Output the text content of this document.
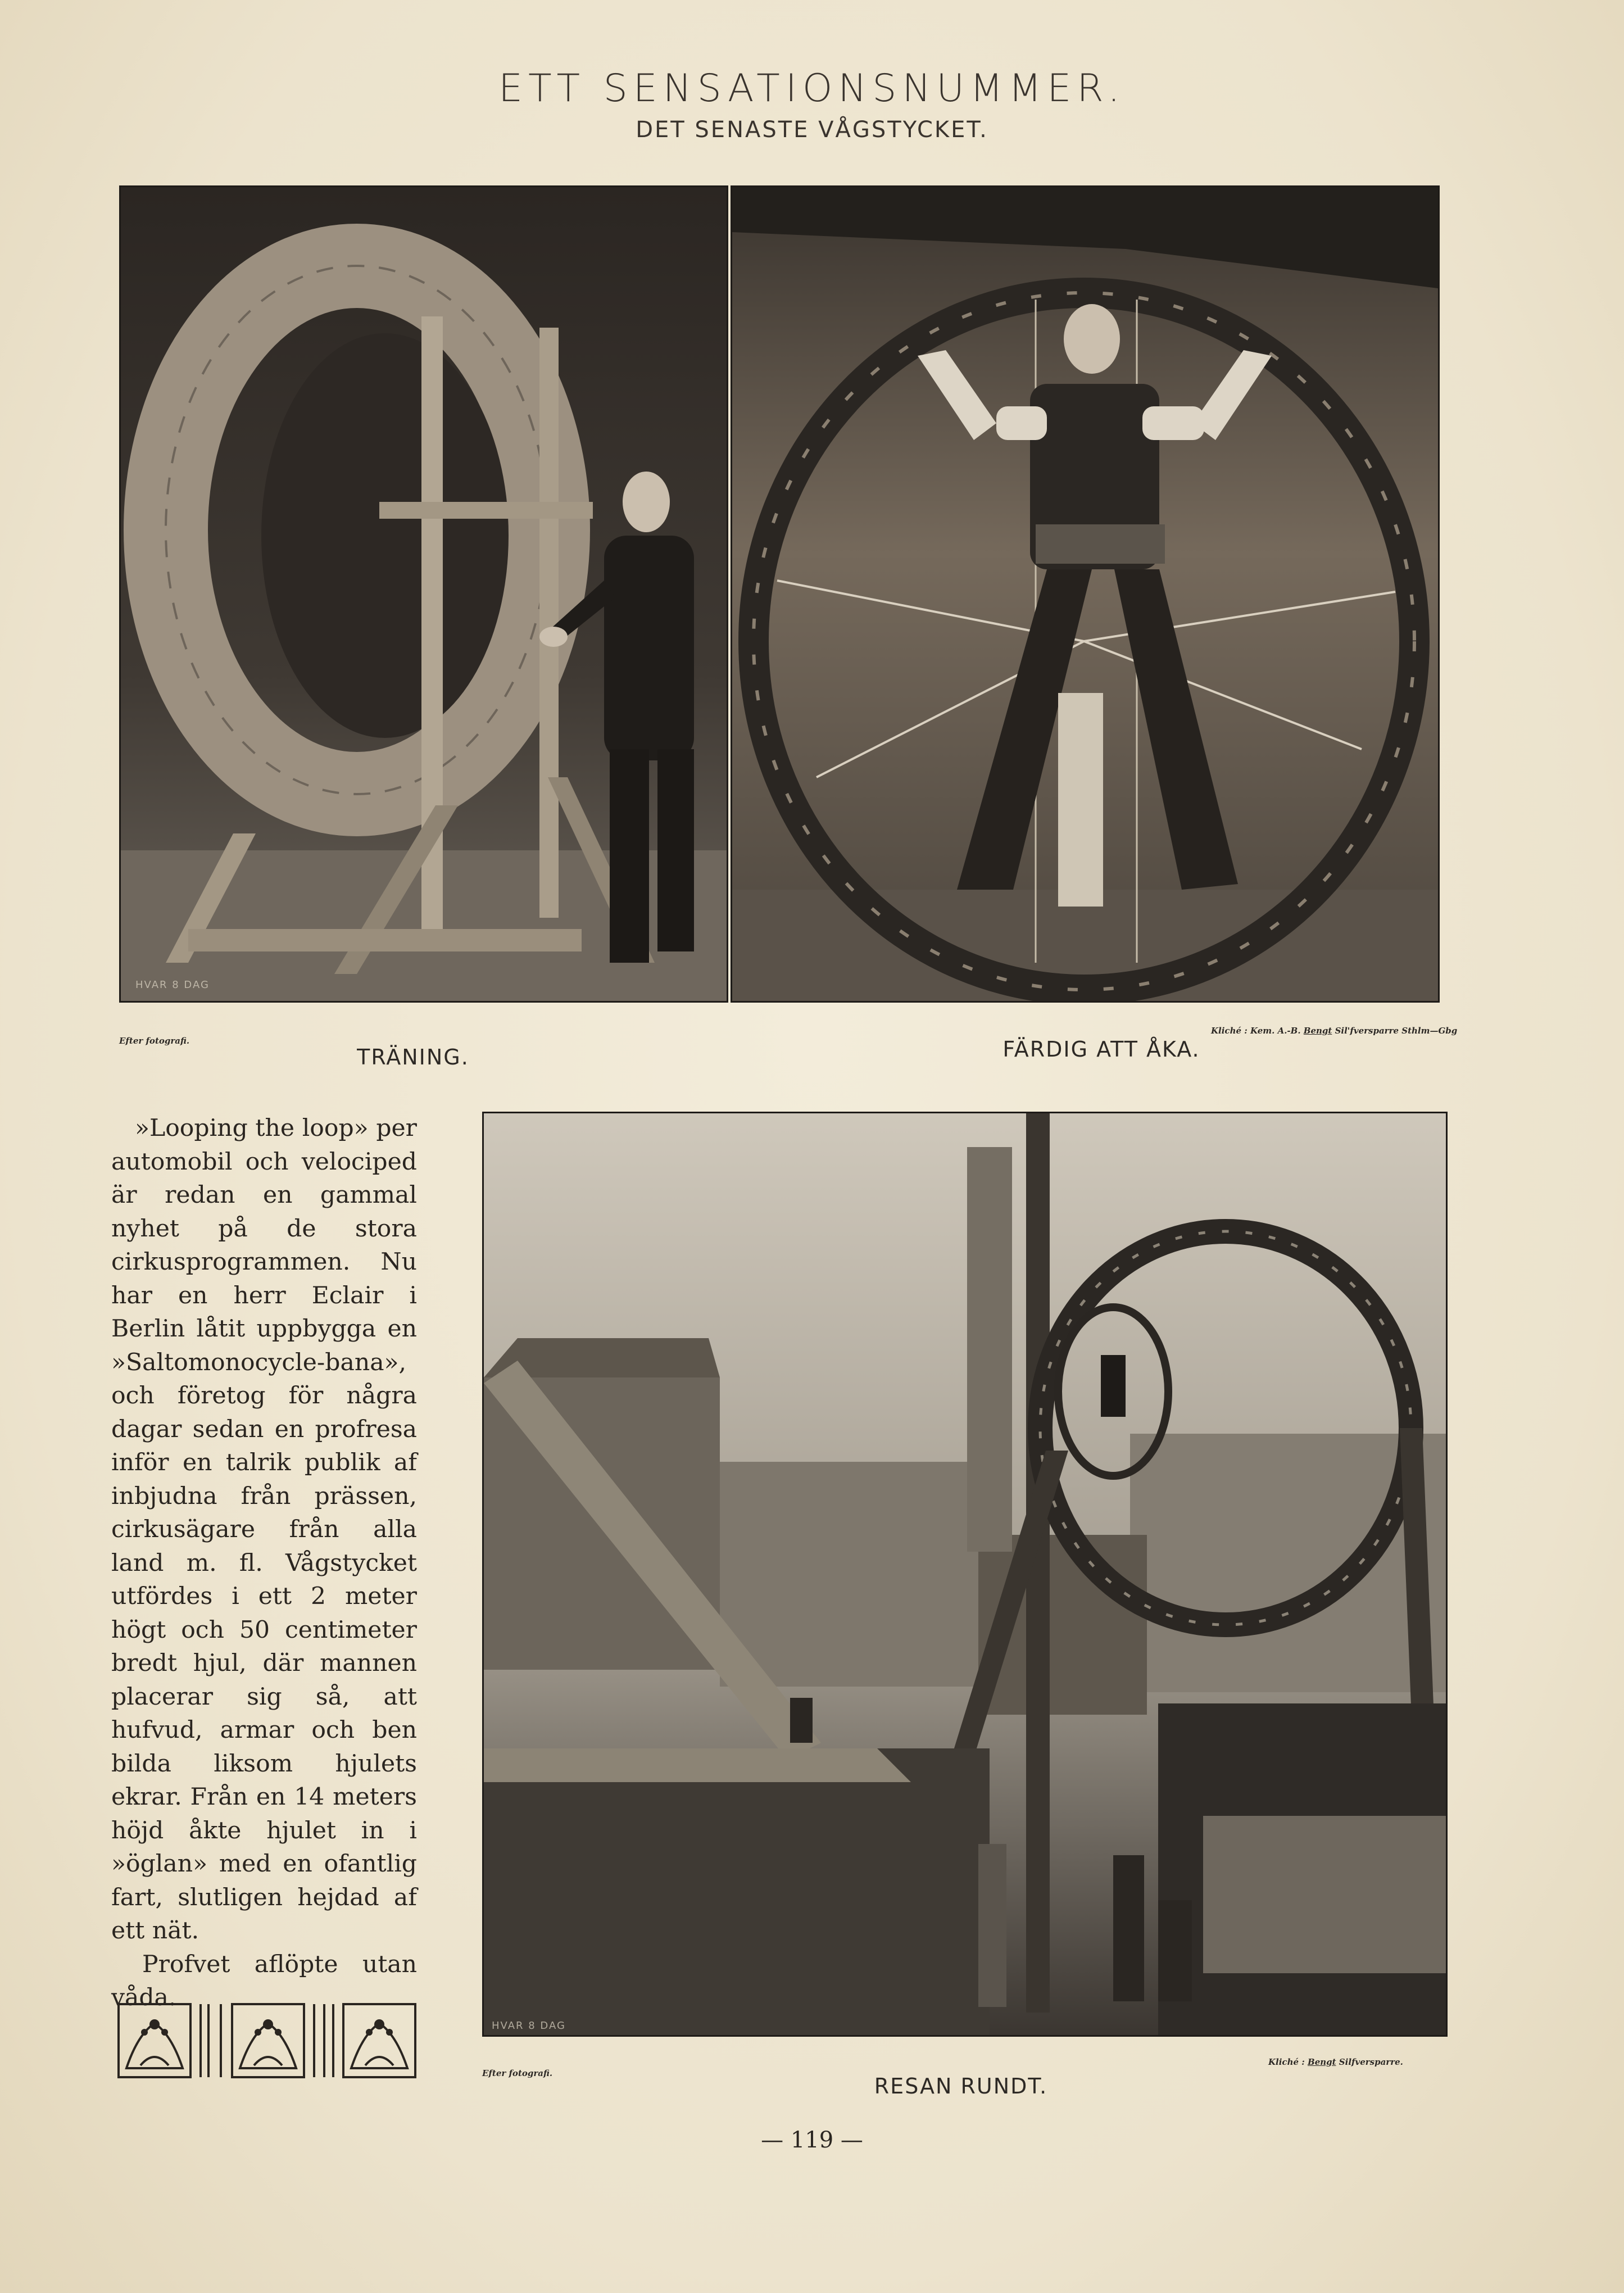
ETT SENSATIONSNUMMER.
DET SENASTE VÅGSTYCKET.
HVAR 8 DAG
Efter fotografi.
TRÄNING.
Kliché : Kem. A.-B. Bengt Sil'fversparre Sthlm—Gbg
FÄRDIG ATT ÅKA.

»Looping the loop» per automobil och velociped är redan en gammal nyhet på de stora cirkusprogrammen. Nu har en herr Eclair i Berlin låtit uppbygga en »Saltomonocycle-bana», och företog för några dagar sedan en profresa inför en talrik publik af inbjudna från prässen, cirkusägare från alla land m. fl. Vågstycket utfördes i ett 2 meter högt och 50 centimeter bredt hjul, där mannen placerar sig så, att hufvud, armar och ben bilda liksom hjulets ekrar. Från en 14 meters höjd åkte hjulet in i »öglan» med en ofantlig fart, slutligen hejdad af ett nät.

Profvet aflöpte utan våda.

HVAR 8 DAG
Efter fotografi.
RESAN RUNDT.
Kliché : Bengt Silfversparre.
— 119 —
